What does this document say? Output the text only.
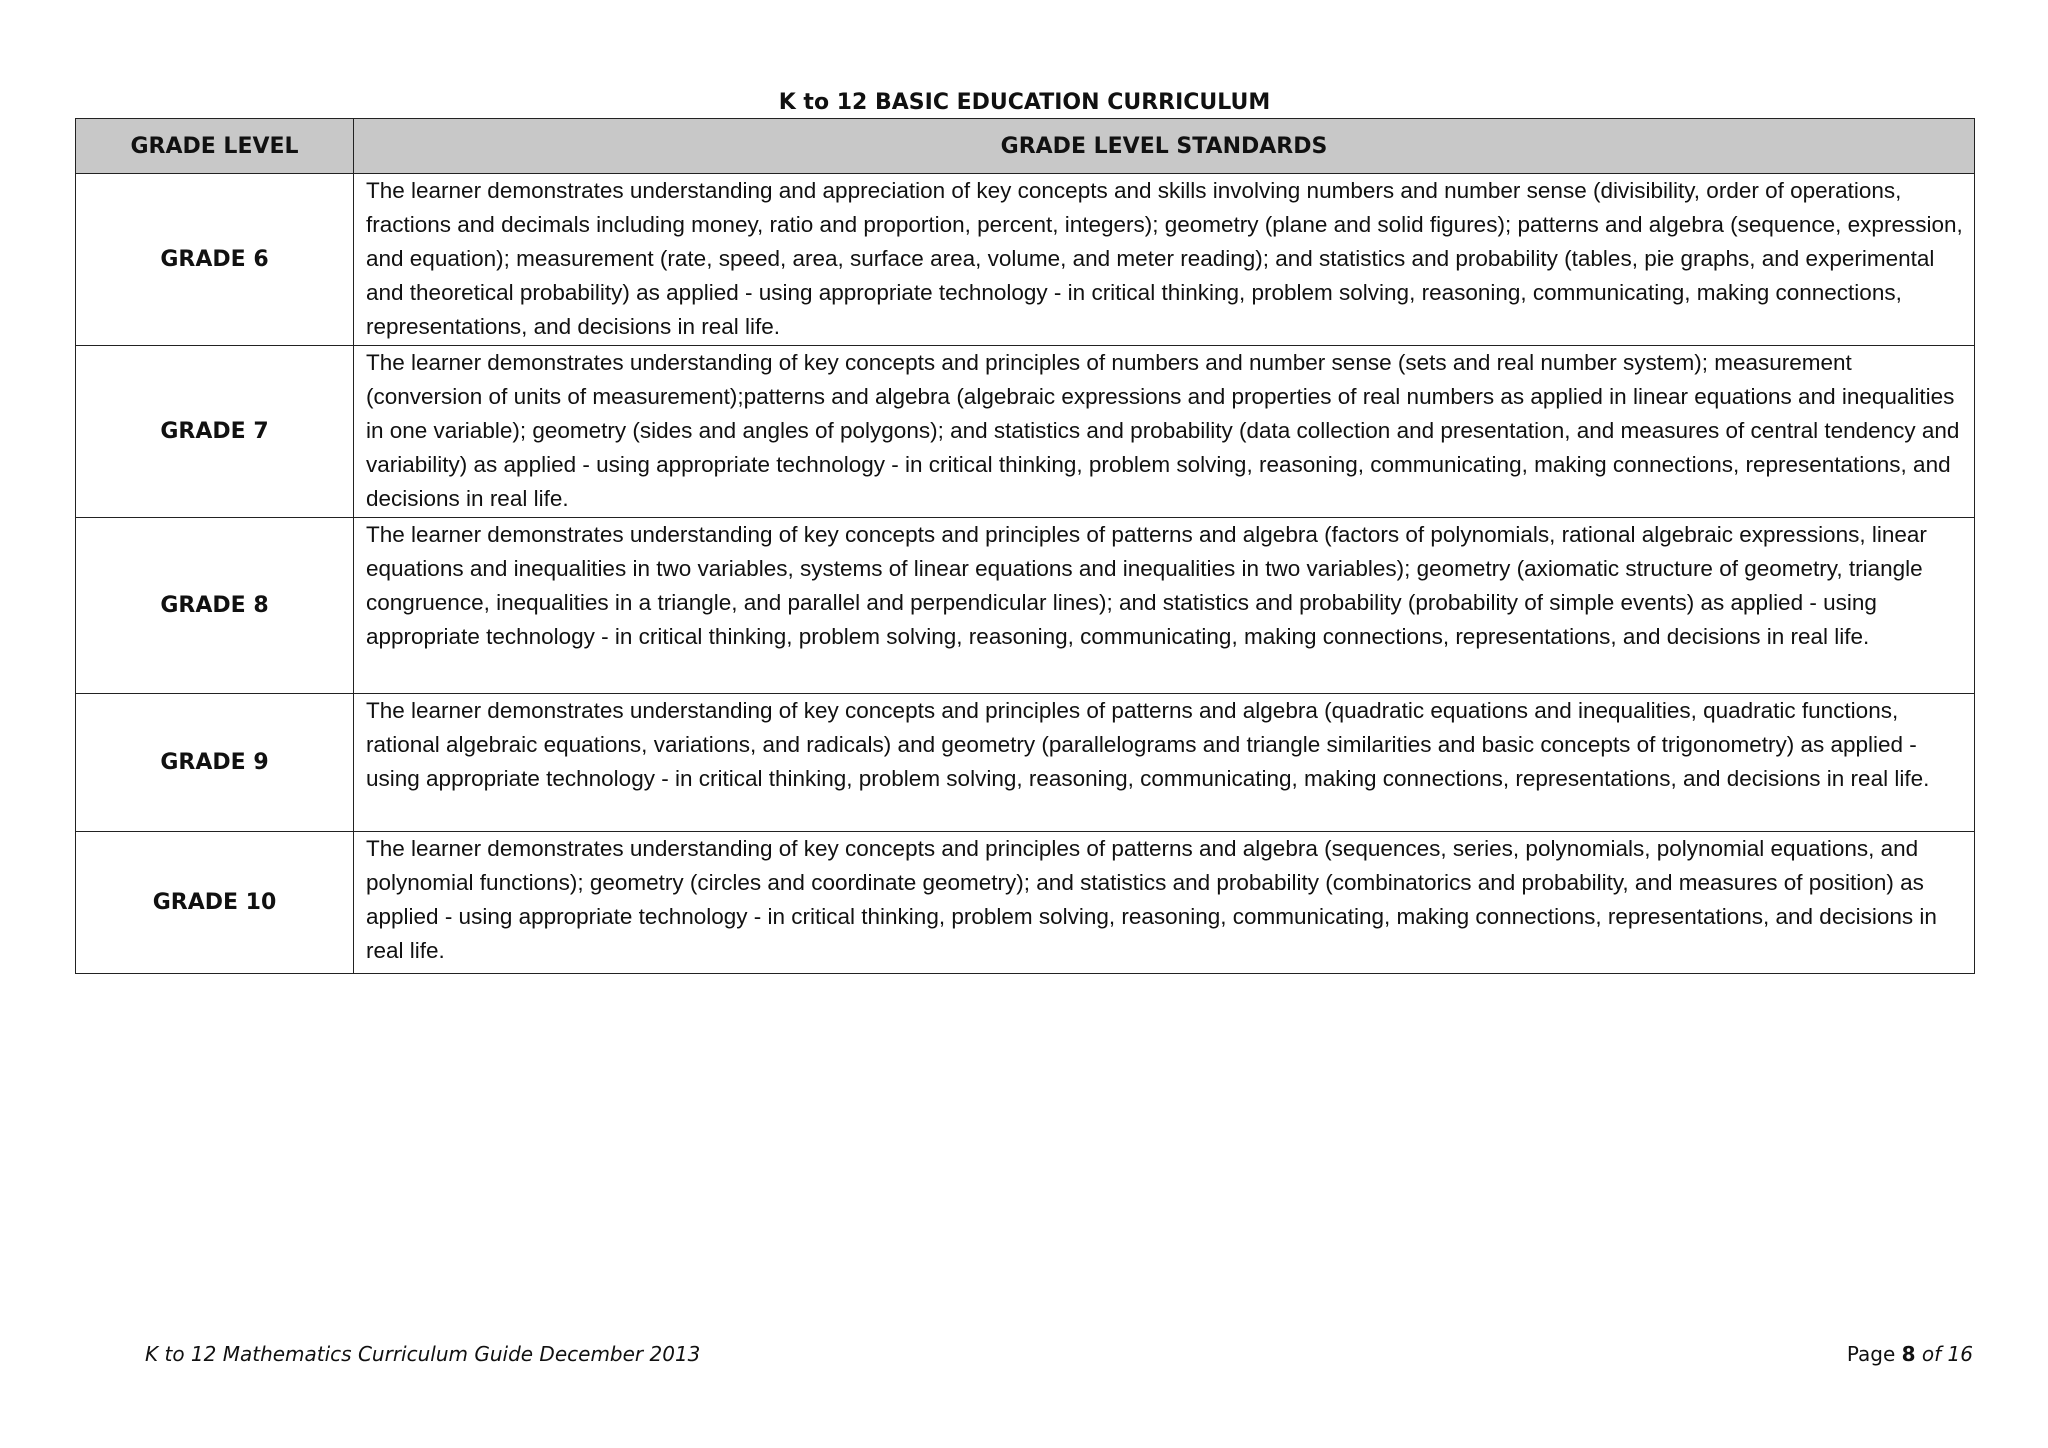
K to 12 BASIC EDUCATION CURRICULUM
GRADE LEVEL	GRADE LEVEL STANDARDS
GRADE 6	The learner demonstrates understanding and appreciation of key concepts and skills involving numbers and number sense (divisibility, order of operations, fractions and decimals including money, ratio and proportion, percent, integers); geometry (plane and solid figures); patterns and algebra (sequence, expression, and equation); measurement (rate, speed, area, surface area, volume, and meter reading); and statistics and probability (tables, pie graphs, and experimental and theoretical probability) as applied - using appropriate technology - in critical thinking, problem solving, reasoning, communicating, making connections, representations, and decisions in real life.
GRADE 7	The learner demonstrates understanding of key concepts and principles of numbers and number sense (sets and real number system); measurement (conversion of units of measurement);patterns and algebra (algebraic expressions and properties of real numbers as applied in linear equations and inequalities in one variable); geometry (sides and angles of polygons); and statistics and probability (data collection and presentation, and measures of central tendency and variability) as applied - using appropriate technology - in critical thinking, problem solving, reasoning, communicating, making connections, representations, and decisions in real life.
GRADE 8	The learner demonstrates understanding of key concepts and principles of patterns and algebra (factors of polynomials, rational algebraic expressions, linear equations and inequalities in two variables, systems of linear equations and inequalities in two variables); geometry (axiomatic structure of geometry, triangle congruence, inequalities in a triangle, and parallel and perpendicular lines); and statistics and probability (probability of simple events) as applied - using appropriate technology - in critical thinking, problem solving, reasoning, communicating, making connections, representations, and decisions in real life.
GRADE 9	The learner demonstrates understanding of key concepts and principles of patterns and algebra (quadratic equations and inequalities, quadratic functions, rational algebraic equations, variations, and radicals) and geometry (parallelograms and triangle similarities and basic concepts of trigonometry) as applied - using appropriate technology - in critical thinking, problem solving, reasoning, communicating, making connections, representations, and decisions in real life.
GRADE 10	The learner demonstrates understanding of key concepts and principles of patterns and algebra (sequences, series, polynomials, polynomial equations, and polynomial functions); geometry (circles and coordinate geometry); and statistics and probability (combinatorics and probability, and measures of position) as applied - using appropriate technology - in critical thinking, problem solving, reasoning, communicating, making connections, representations, and decisions in real life.
K to 12 Mathematics Curriculum Guide December 2013	Page 8 of 16
